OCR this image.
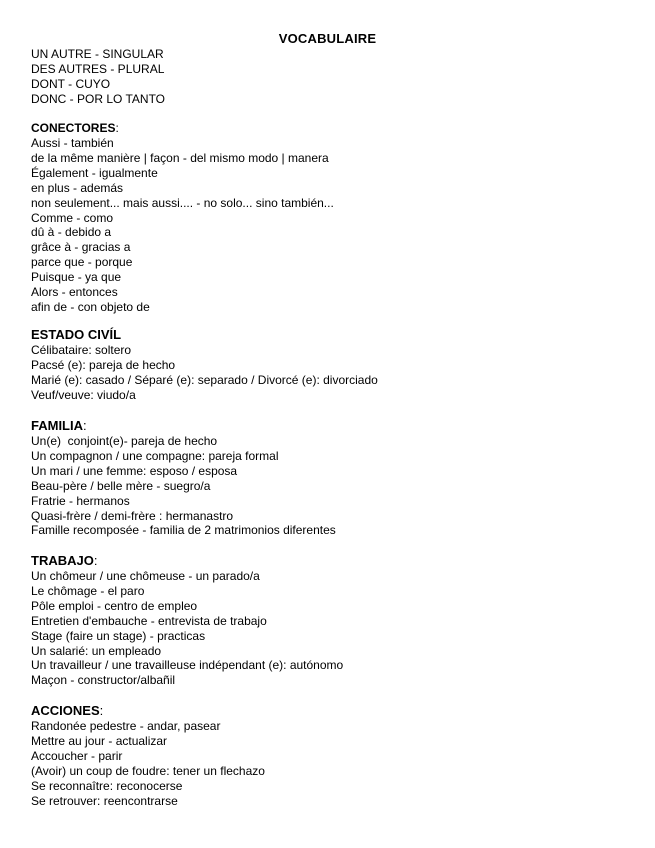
VOCABULAIRE
UN AUTRE - SINGULAR
DES AUTRES - PLURAL
DONT - CUYO
DONC - POR LO TANTO
CONECTORES:
Aussi - también
de la même manière | façon - del mismo modo | manera
Également - igualmente
en plus - además
non seulement... mais aussi.... - no solo... sino también...
Comme - como
dû à - debido a
grâce à - gracias a
parce que - porque
Puisque - ya que
Alors - entonces
afin de - con objeto de
ESTADO CIVÍL
Célibataire: soltero
Pacsé (e): pareja de hecho
Marié (e): casado / Séparé (e): separado / Divorcé (e): divorciado
Veuf/veuve: viudo/a
FAMILIA:
Un(e)  conjoint(e)- pareja de hecho
Un compagnon / une compagne: pareja formal
Un mari / une femme: esposo / esposa
Beau-père / belle mère - suegro/a
Fratrie - hermanos
Quasi-frère / demi-frère : hermanastro
Famille recomposée - familia de 2 matrimonios diferentes
TRABAJO:
Un chômeur / une chômeuse - un parado/a
Le chômage - el paro
Pôle emploi - centro de empleo
Entretien d'embauche - entrevista de trabajo
Stage (faire un stage) - practicas
Un salarié: un empleado
Un travailleur / une travailleuse indépendant (e): autónomo
Maçon - constructor/albañil
ACCIONES:
Randonée pedestre - andar, pasear
Mettre au jour - actualizar
Accoucher - parir
(Avoir) un coup de foudre: tener un flechazo
Se reconnaître: reconocerse
Se retrouver: reencontrarse
